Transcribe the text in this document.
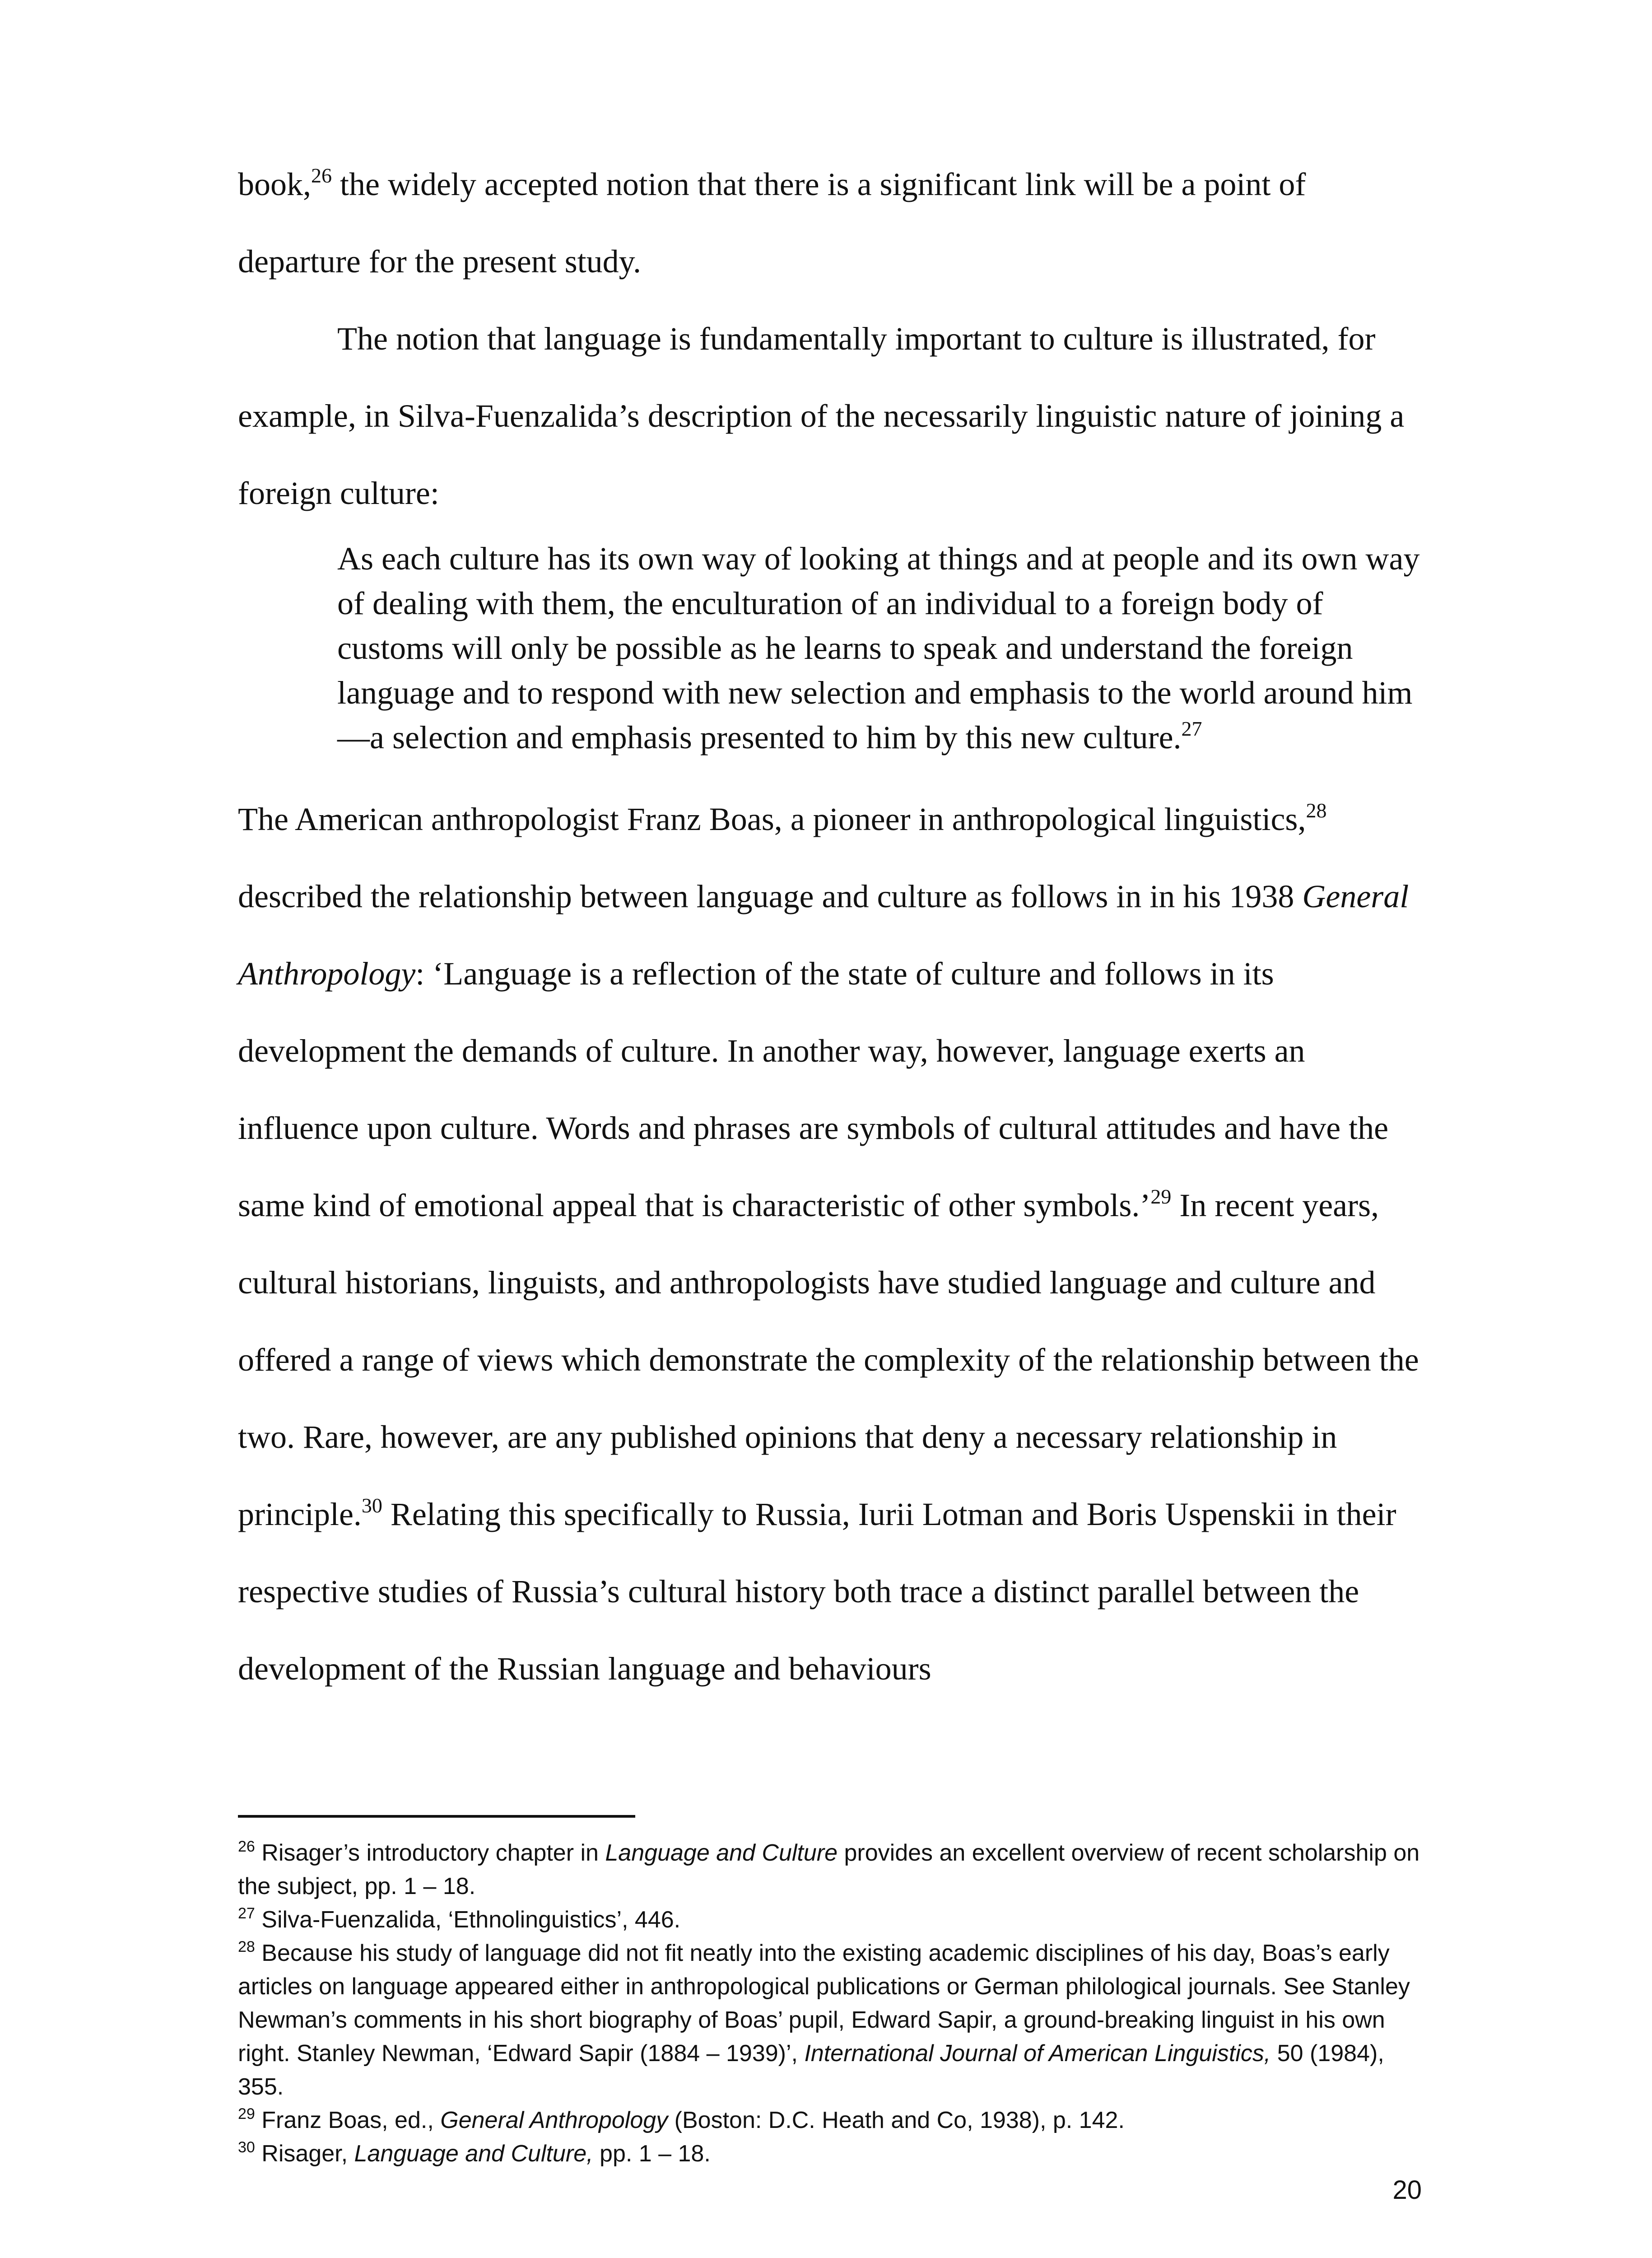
book,$^{26}$ the widely accepted notion that there is a significant link will be a point of departure for the present study.

The notion that language is fundamentally important to culture is illustrated, for example, in Silva-Fuenzalida’s description of the necessarily linguistic nature of joining a foreign culture:

As each culture has its own way of looking at things and at people and its own way of dealing with them, the enculturation of an individual to a foreign body of customs will only be possible as he learns to speak and understand the foreign language and to respond with new selection and emphasis to the world around him—a selection and emphasis presented to him by this new culture.$^{27}$

The American anthropologist Franz Boas, a pioneer in anthropological linguistics,$^{28}$ described the relationship between language and culture as follows in in his 1938 General Anthropology: ‘Language is a reflection of the state of culture and follows in its development the demands of culture. In another way, however, language exerts an influence upon culture. Words and phrases are symbols of cultural attitudes and have the same kind of emotional appeal that is characteristic of other symbols.’$^{29}$ In recent years, cultural historians, linguists, and anthropologists have studied language and culture and offered a range of views which demonstrate the complexity of the relationship between the two. Rare, however, are any published opinions that deny a necessary relationship in principle.$^{30}$ Relating this specifically to Russia, Iurii Lotman and Boris Uspenskii in their respective studies of Russia’s cultural history both trace a distinct parallel between the development of the Russian language and behaviours

$^{26}$ Risager’s introductory chapter in Language and Culture provides an excellent overview of recent scholarship on the subject, pp. 1 – 18.

$^{27}$ Silva-Fuenzalida, ‘Ethnolinguistics’, 446.

$^{28}$ Because his study of language did not fit neatly into the existing academic disciplines of his day, Boas’s early articles on language appeared either in anthropological publications or German philological journals. See Stanley Newman’s comments in his short biography of Boas’ pupil, Edward Sapir, a ground-breaking linguist in his own right. Stanley Newman, ‘Edward Sapir (1884 – 1939)’, International Journal of American Linguistics, 50 (1984), 355.

$^{29}$ Franz Boas, ed., General Anthropology (Boston: D.C. Heath and Co, 1938), p. 142.

$^{30}$ Risager, Language and Culture, pp. 1 – 18.

20
